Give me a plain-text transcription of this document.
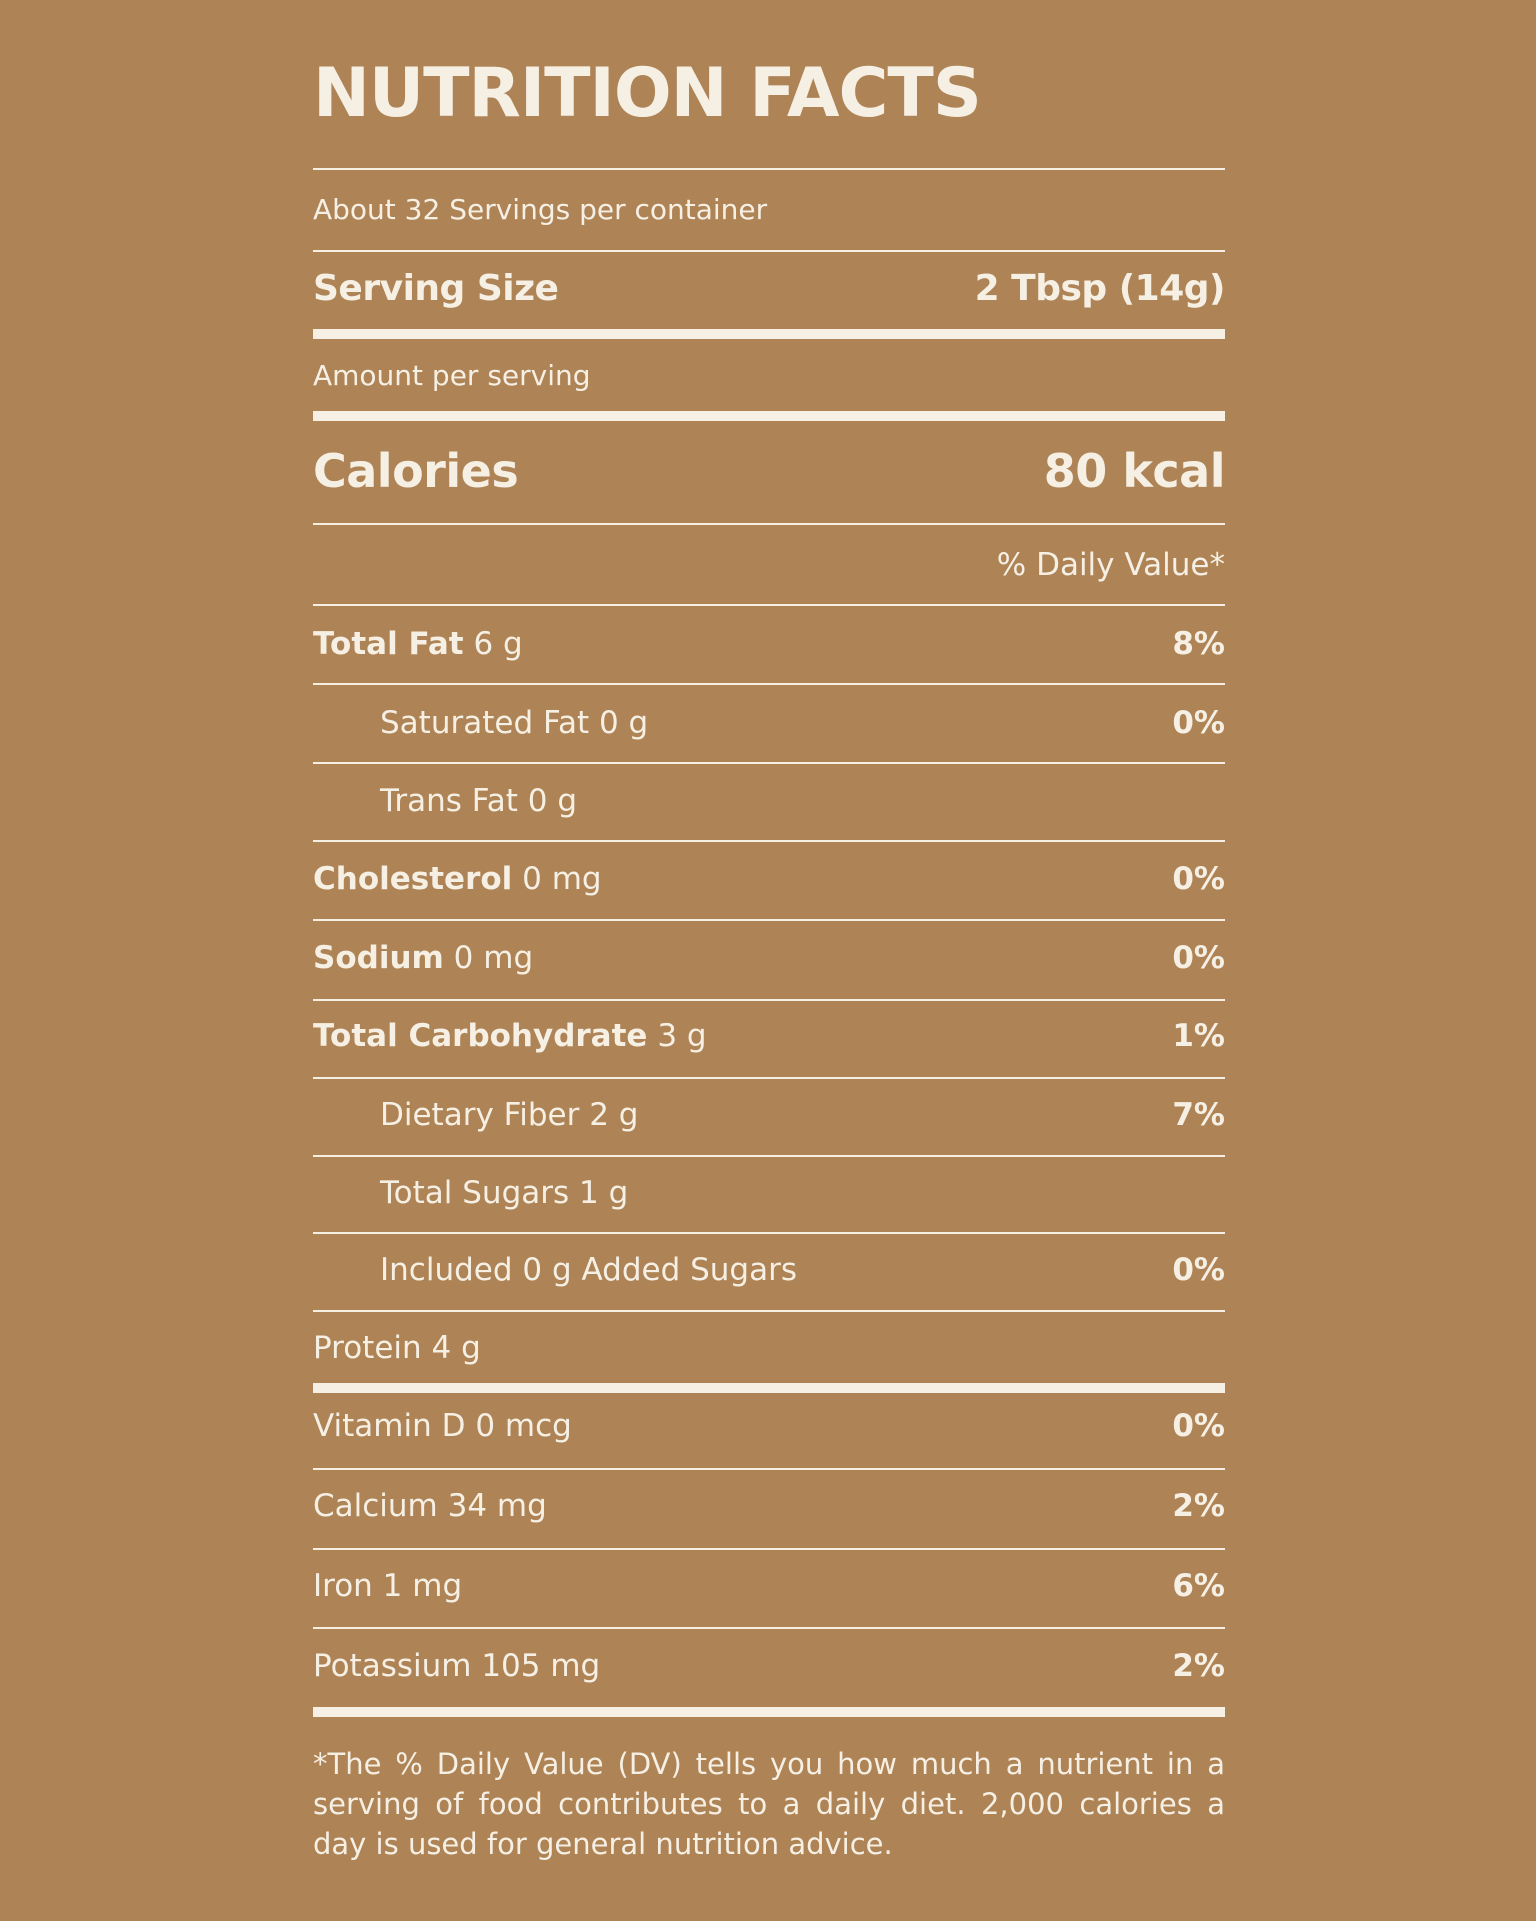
NUTRITION FACTS
About 32 Servings per container
Serving Size	2 Tbsp (14g)
Amount per serving
Calories	80 kcal
% Daily Value*
Total Fat 6 g	8%
Saturated Fat 0 g	0%
Trans Fat 0 g
Cholesterol 0 mg	0%
Sodium 0 mg	0%
Total Carbohydrate 3 g	1%
Dietary Fiber 2 g	7%
Total Sugars 1 g
Included 0 g Added Sugars	0%
Protein 4 g
Vitamin D 0 mcg	0%
Calcium 34 mg	2%
Iron 1 mg	6%
Potassium 105 mg	2%
*The % Daily Value (DV) tells you how much a nutrient in a serving of food contributes to a daily diet. 2,000 calories a day is used for general nutrition advice.
